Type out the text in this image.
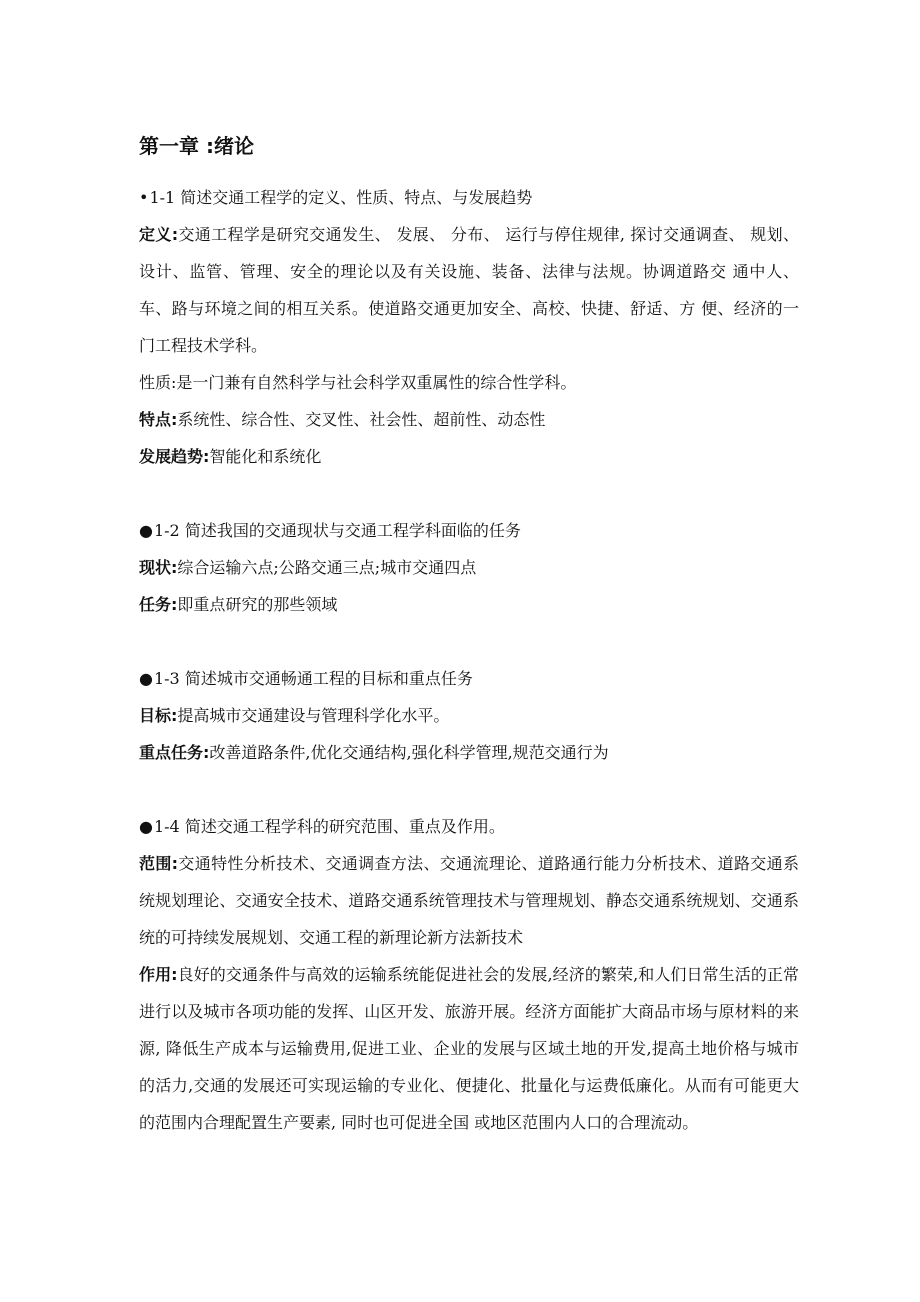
第一章 :绪论

•1-1 简述交通工程学的定义、性质、特点、与发展趋势

定义:交通工程学是研究交通发生、 发展、 分布、 运行与停住规律, 探讨交通调查、 规划、设计、监管、管理、安全的理论以及有关设施、装备、法律与法规。协调道路交 通中人、车、路与环境之间的相互关系。使道路交通更加安全、高校、快捷、舒适、方 便、经济的一门工程技术学科。

性质:是一门兼有自然科学与社会科学双重属性的综合性学科。

特点:系统性、综合性、交叉性、社会性、超前性、动态性

发展趋势:智能化和系统化

●1-2 简述我国的交通现状与交通工程学科面临的任务

现状:综合运输六点;公路交通三点;城市交通四点

任务:即重点研究的那些领域

●1-3 简述城市交通畅通工程的目标和重点任务

目标:提高城市交通建设与管理科学化水平。

重点任务:改善道路条件,优化交通结构,强化科学管理,规范交通行为

●1-4 简述交通工程学科的研究范围、重点及作用。

范围:交通特性分析技术、交通调查方法、交通流理论、道路通行能力分析技术、道路交通系统规划理论、交通安全技术、道路交通系统管理技术与管理规划、静态交通系统规划、交通系统的可持续发展规划、交通工程的新理论新方法新技术

作用:良好的交通条件与高效的运输系统能促进社会的发展,经济的繁荣,和人们日常生活的正常进行以及城市各项功能的发挥、山区开发、旅游开展。经济方面能扩大商品市场与原材料的来源, 降低生产成本与运输费用,促进工业、企业的发展与区域土地的开发,提高土地价格与城市的活力,交通的发展还可实现运输的专业化、便捷化、批量化与运费低廉化。从而有可能更大的范围内合理配置生产要素, 同时也可促进全国 或地区范围内人口的合理流动。
